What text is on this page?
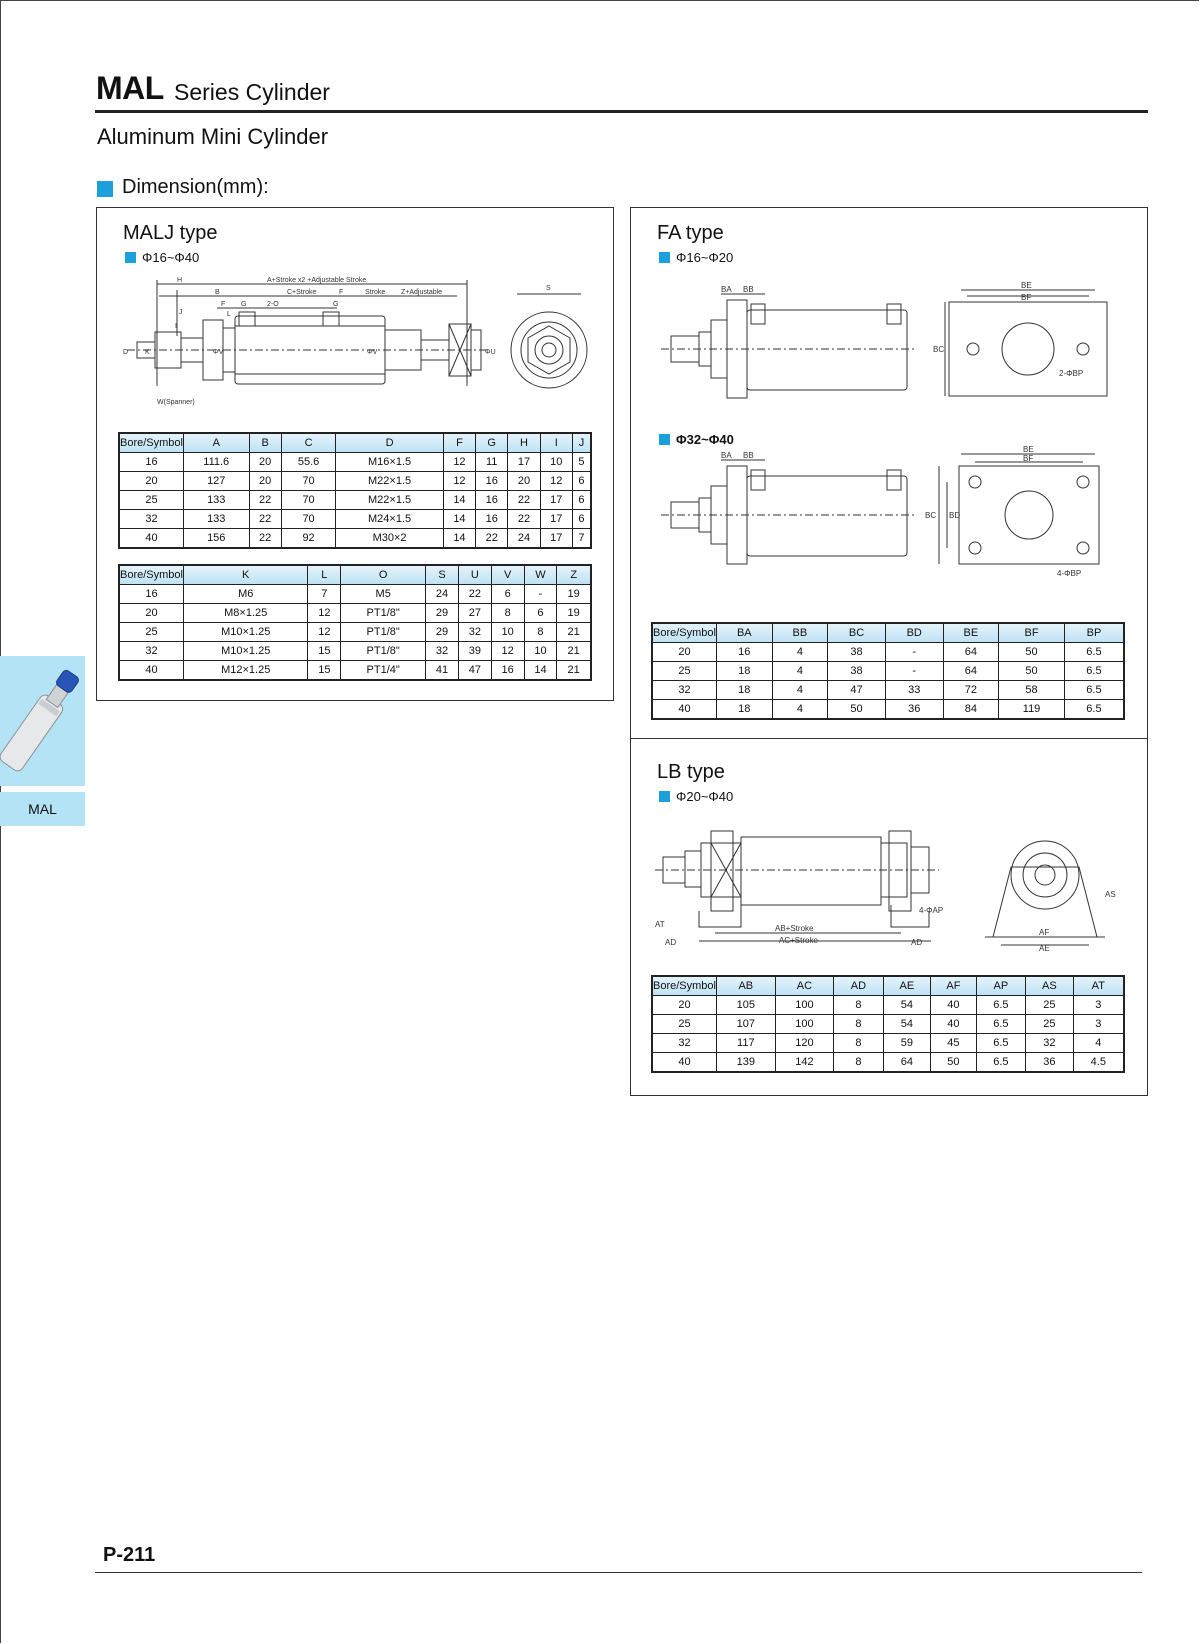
MAL Series Cylinder
Aluminum Mini Cylinder
Dimension(mm):
MAL
MALJ type
Φ16~Φ40
A+Stroke x2 +Adjustable Stroke
H
B
F G	2-O
L
J
I
C+Stroke	F	Stroke Z+Adjustable
G
S
D K	ΦV	ΦV	ΦU
W(Spanner)
Bore/Symbol	A	B	C	D	F	G	H	I	J
16	111.6	20	55.6	M16×1.5	12	11	17	10	5
20	127	20	70	M22×1.5	12	16	20	12	6
25	133	22	70	M22×1.5	14	16	22	17	6
32	133	22	70	M24×1.5	14	16	22	17	6
40	156	22	92	M30×2	14	22	24	17	7
Bore/Symbol	K	L	O	S	U	V	W	Z
16	M6	7	M5	24	22	6	-	19
20	M8×1.25	12	PT1/8"	29	27	8	6	19
25	M10×1.25	12	PT1/8"	29	32	10	8	21
32	M10×1.25	15	PT1/8"	32	39	12	10	21
40	M12×1.25	15	PT1/4"	41	47	16	14	21
FA type
Φ16~Φ20
BA BB	BE
BF
BC
2-ΦBP
Φ32~Φ40
BA BB
BE
BF
BC BD
4-ΦBP
Bore/Symbol	BA	BB	BC	BD	BE	BF	BP
20	16	4	38	-	64	50	6.5
25	18	4	38	-	64	50	6.5
32	18	4	47	33	72	58	6.5
40	18	4	50	36	84	119	6.5
LB type
Φ20~Φ40
4-ΦAP
AB+Stroke
AC+Stroke
AD	AD
AT
AS
AF
AE
Bore/Symbol	AB	AC	AD	AE	AF	AP	AS	AT
20	105	100	8	54	40	6.5	25	3
25	107	100	8	54	40	6.5	25	3
32	117	120	8	59	45	6.5	32	4
40	139	142	8	64	50	6.5	36	4.5
P-211
